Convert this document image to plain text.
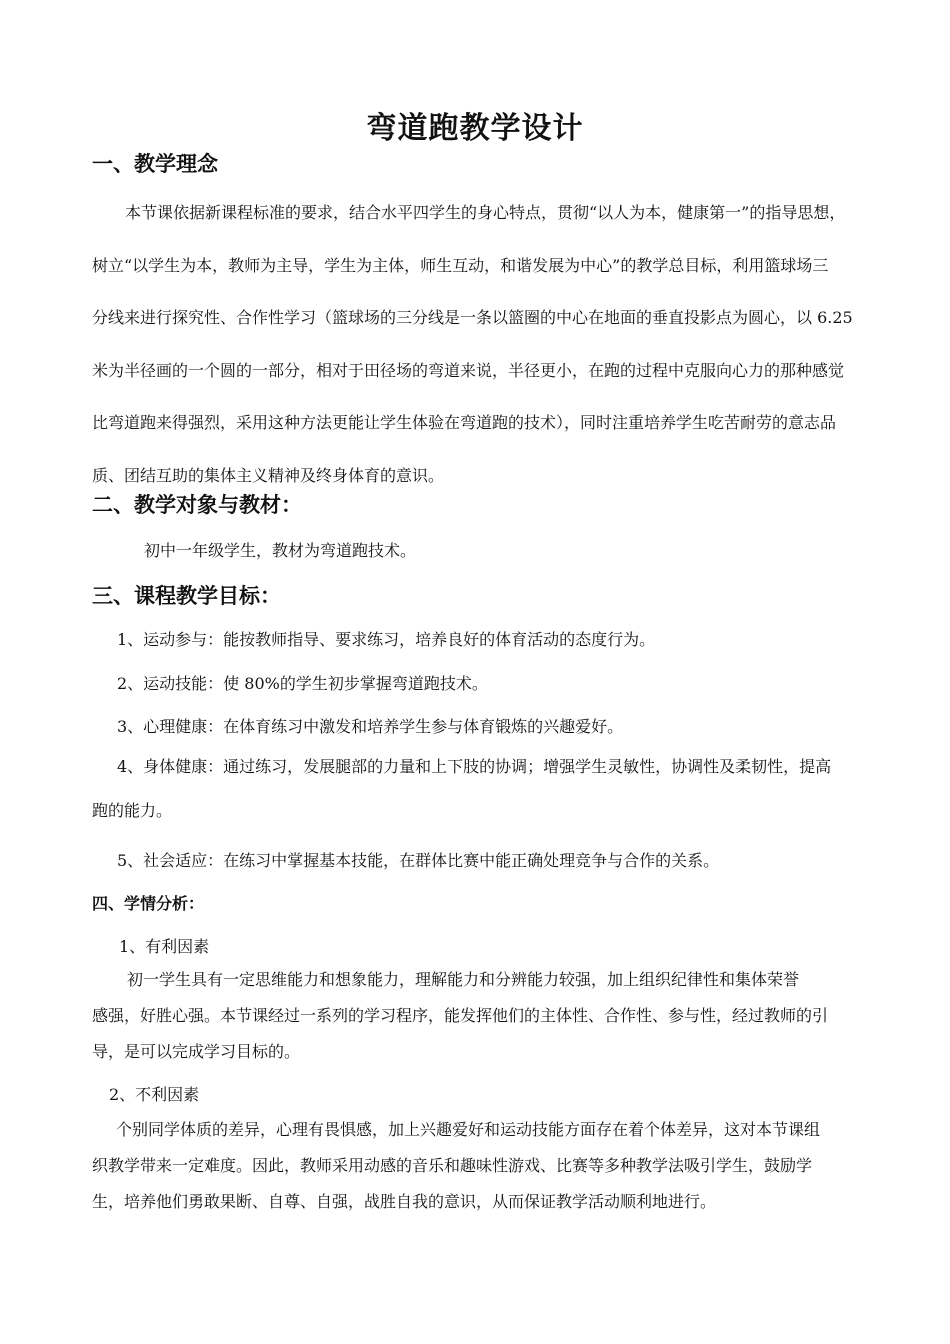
弯道跑教学设计
一、教学理念
本节课依据新课程标准的要求，结合水平四学生的身心特点，贯彻“以人为本，健康第一”的指导思想，
树立“以学生为本，教师为主导，学生为主体，师生互动，和谐发展为中心”的教学总目标，利用篮球场三
分线来进行探究性、合作性学习（篮球场的三分线是一条以篮圈的中心在地面的垂直投影点为圆心，以 6.25
米为半径画的一个圆的一部分，相对于田径场的弯道来说，半径更小，在跑的过程中克服向心力的那种感觉
比弯道跑来得强烈，采用这种方法更能让学生体验在弯道跑的技术），同时注重培养学生吃苦耐劳的意志品
质、团结互助的集体主义精神及终身体育的意识。
二、教学对象与教材：
初中一年级学生，教材为弯道跑技术。
三、课程教学目标：
1、运动参与：能按教师指导、要求练习，培养良好的体育活动的态度行为。
2、运动技能：使 80%的学生初步掌握弯道跑技术。
3、心理健康：在体育练习中激发和培养学生参与体育锻炼的兴趣爱好。
4、身体健康：通过练习，发展腿部的力量和上下肢的协调；增强学生灵敏性，协调性及柔韧性，提高
跑的能力。
5、社会适应：在练习中掌握基本技能，在群体比赛中能正确处理竞争与合作的关系。
四、学情分析：
1、有利因素
初一学生具有一定思维能力和想象能力，理解能力和分辨能力较强，加上组织纪律性和集体荣誉
感强，好胜心强。本节课经过一系列的学习程序，能发挥他们的主体性、合作性、参与性，经过教师的引
导，是可以完成学习目标的。
2、不利因素
个别同学体质的差异，心理有畏惧感，加上兴趣爱好和运动技能方面存在着个体差异，这对本节课组
织教学带来一定难度。因此，教师采用动感的音乐和趣味性游戏、比赛等多种教学法吸引学生，鼓励学
生，培养他们勇敢果断、自尊、自强，战胜自我的意识，从而保证教学活动顺利地进行。
